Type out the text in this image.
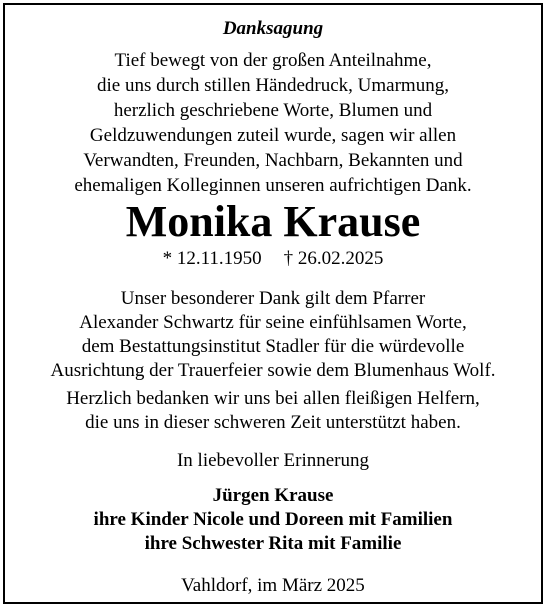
Danksagung
Tief bewegt von der großen Anteilnahme,
die uns durch stillen Händedruck, Umarmung,
herzlich geschriebene Worte, Blumen und
Geldzuwendungen zuteil wurde, sagen wir allen
Verwandten, Freunden, Nachbarn, Bekannten und
ehemaligen Kolleginnen unseren aufrichtigen Dank.
Monika Krause
* 12.11.1950 † 26.02.2025
Unser besonderer Dank gilt dem Pfarrer
Alexander Schwartz für seine einfühlsamen Worte,
dem Bestattungsinstitut Stadler für die würdevolle
Ausrichtung der Trauerfeier sowie dem Blumenhaus Wolf.
Herzlich bedanken wir uns bei allen fleißigen Helfern,
die uns in dieser schweren Zeit unterstützt haben.
In liebevoller Erinnerung
Jürgen Krause
ihre Kinder Nicole und Doreen mit Familien
ihre Schwester Rita mit Familie
Vahldorf, im März 2025
